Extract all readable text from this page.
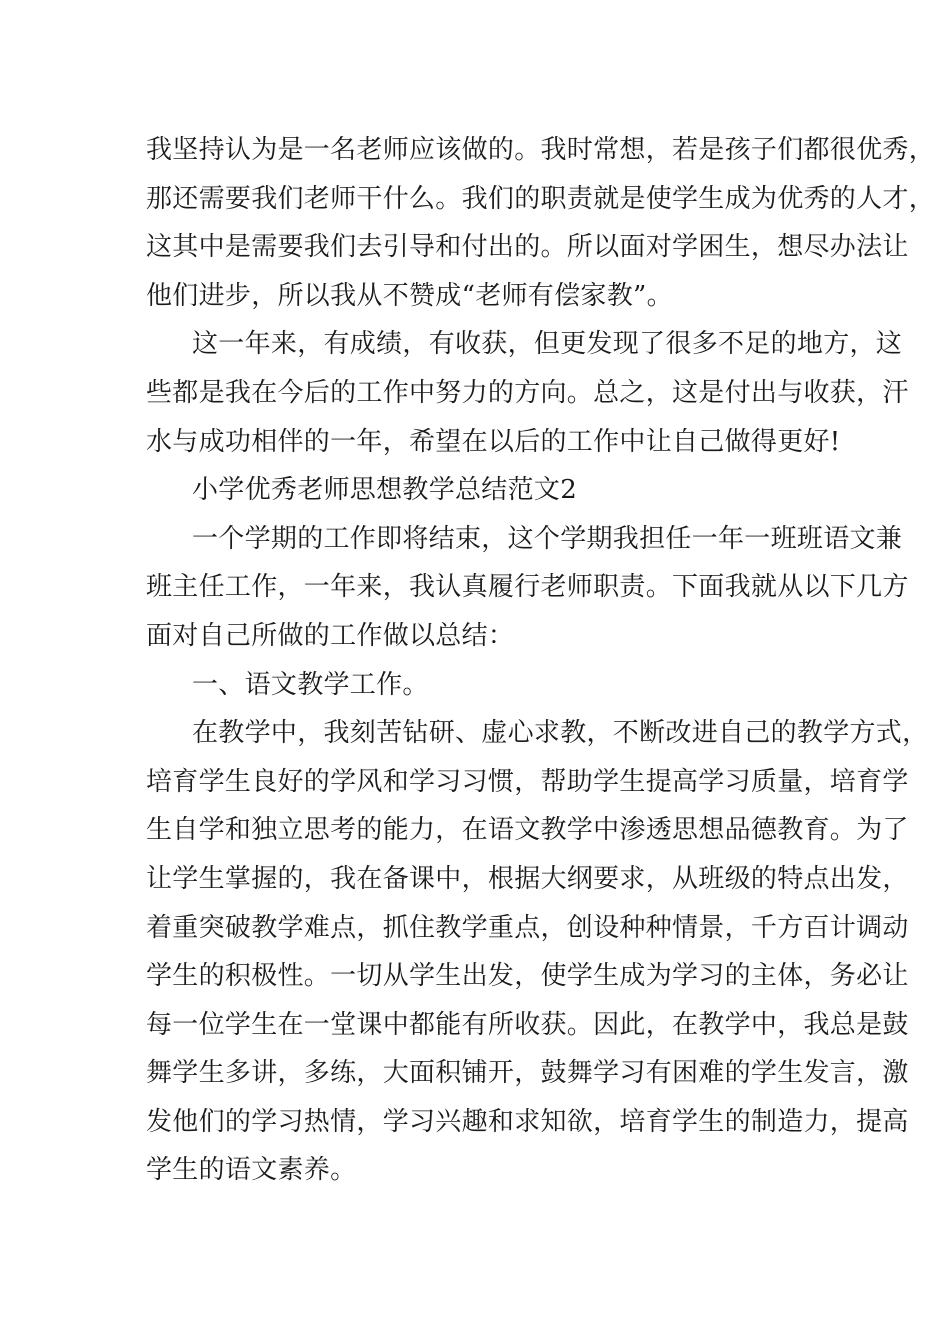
我坚持认为是一名老师应该做的。我时常想，若是孩子们都很优秀，
那还需要我们老师干什么。我们的职责就是使学生成为优秀的人才，
这其中是需要我们去引导和付出的。所以面对学困生，想尽办法让
他们进步，所以我从不赞成“老师有偿家教”。
这一年来，有成绩，有收获，但更发现了很多不足的地方，这
些都是我在今后的工作中努力的方向。总之，这是付出与收获，汗
水与成功相伴的一年，希望在以后的工作中让自己做得更好!
小学优秀老师思想教学总结范文2
一个学期的工作即将结束，这个学期我担任一年一班班语文兼
班主任工作，一年来，我认真履行老师职责。下面我就从以下几方
面对自己所做的工作做以总结：
一、语文教学工作。
在教学中，我刻苦钻研、虚心求教，不断改进自己的教学方式，
培育学生良好的学风和学习习惯，帮助学生提高学习质量，培育学
生自学和独立思考的能力，在语文教学中渗透思想品德教育。为了
让学生掌握的，我在备课中，根据大纲要求，从班级的特点出发，
着重突破教学难点，抓住教学重点，创设种种情景，千方百计调动
学生的积极性。一切从学生出发，使学生成为学习的主体，务必让
每一位学生在一堂课中都能有所收获。因此，在教学中，我总是鼓
舞学生多讲，多练，大面积铺开，鼓舞学习有困难的学生发言，激
发他们的学习热情，学习兴趣和求知欲，培育学生的制造力，提高
学生的语文素养。
